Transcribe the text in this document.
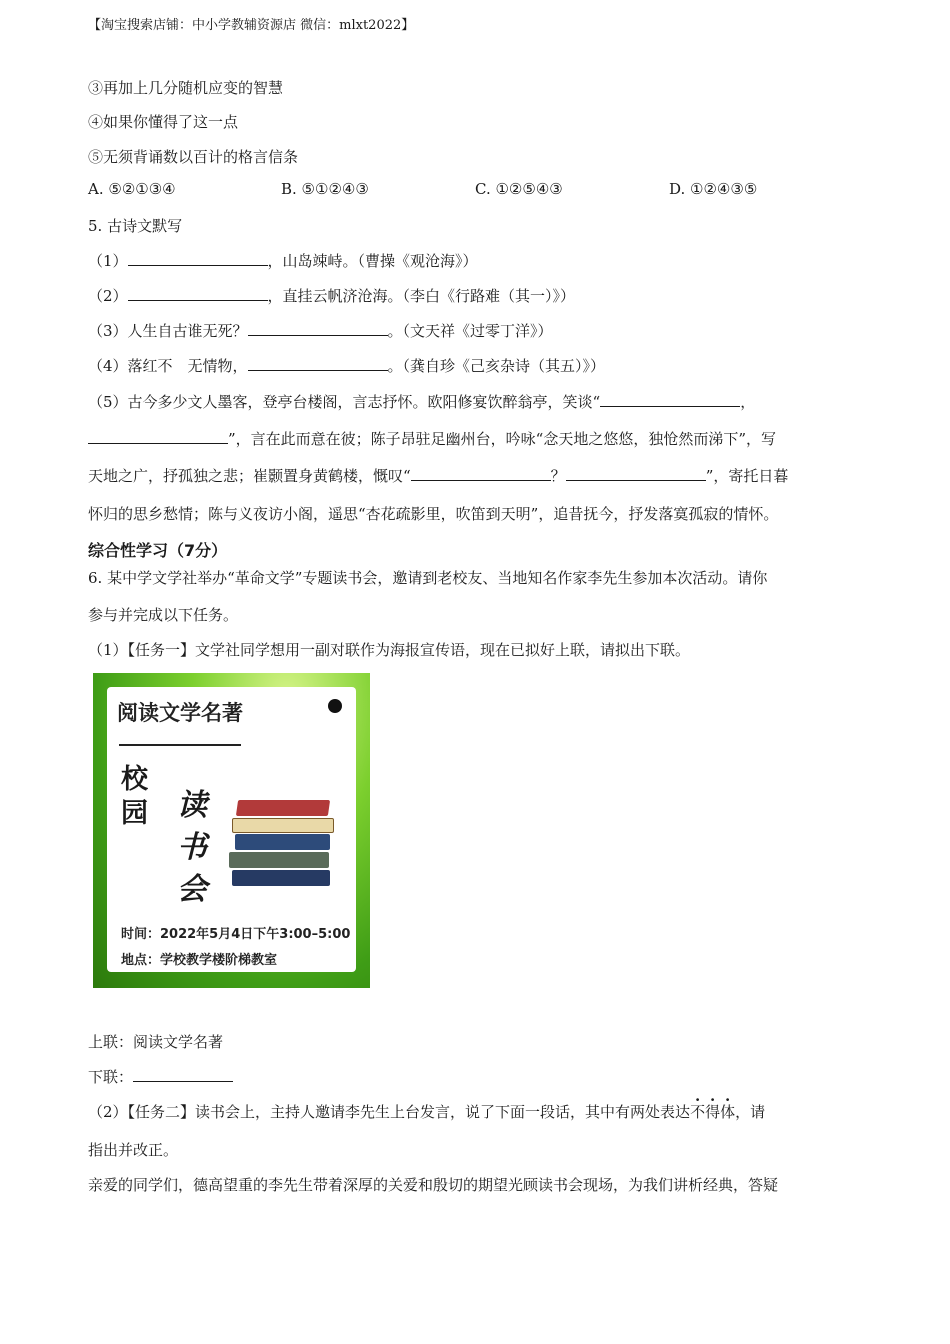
【淘宝搜索店铺：中小学教辅资源店 微信：mlxt2022】
③再加上几分随机应变的智慧
④如果你懂得了这一点
⑤无须背诵数以百计的格言信条
A. ⑤②①③④	B. ⑤①②④③	C. ①②⑤④③	D. ①②④③⑤
5. 古诗文默写
（1）	，山岛竦峙。（曹操《观沧海》）
（2）	，直挂云帆济沧海。（李白《行路难（其一）》）
（3）人生自古谁无死？	。（文天祥《过零丁洋》）
（4）落红不　无情物，	。（龚自珍《己亥杂诗（其五）》）
（5）古今多少文人墨客，登亭台楼阁，言志抒怀。欧阳修宴饮醉翁亭，笑谈“	，
”，言在此而意在彼；陈子昂驻足幽州台，吟咏“念天地之悠悠，独怆然而涕下”，写
天地之广，抒孤独之悲；崔颢置身黄鹤楼，慨叹“	？	”，寄托日暮
怀归的思乡愁情；陈与义夜访小阁，遥思“杏花疏影里，吹笛到天明”，追昔抚今，抒发落寞孤寂的情怀。
综合性学习（7分）
6. 某中学文学社举办“革命文学”专题读书会，邀请到老校友、当地知名作家李先生参加本次活动。请你
参与并完成以下任务。
（1）【任务一】文学社同学想用一副对联作为海报宣传语，现在已拟好上联，请拟出下联。
阅读文学名著
校园 读书会
时间：2022年5月4日下午3:00–5:00
地点：学校教学楼阶梯教室
上联：阅读文学名著
下联：
（2）【任务二】读书会上，主持人邀请李先生上台发言，说了下面一段话，其中有两处表达不得体，请
指出并改正。
亲爱的同学们，德高望重的李先生带着深厚的关爱和殷切的期望光顾读书会现场，为我们讲析经典，答疑
